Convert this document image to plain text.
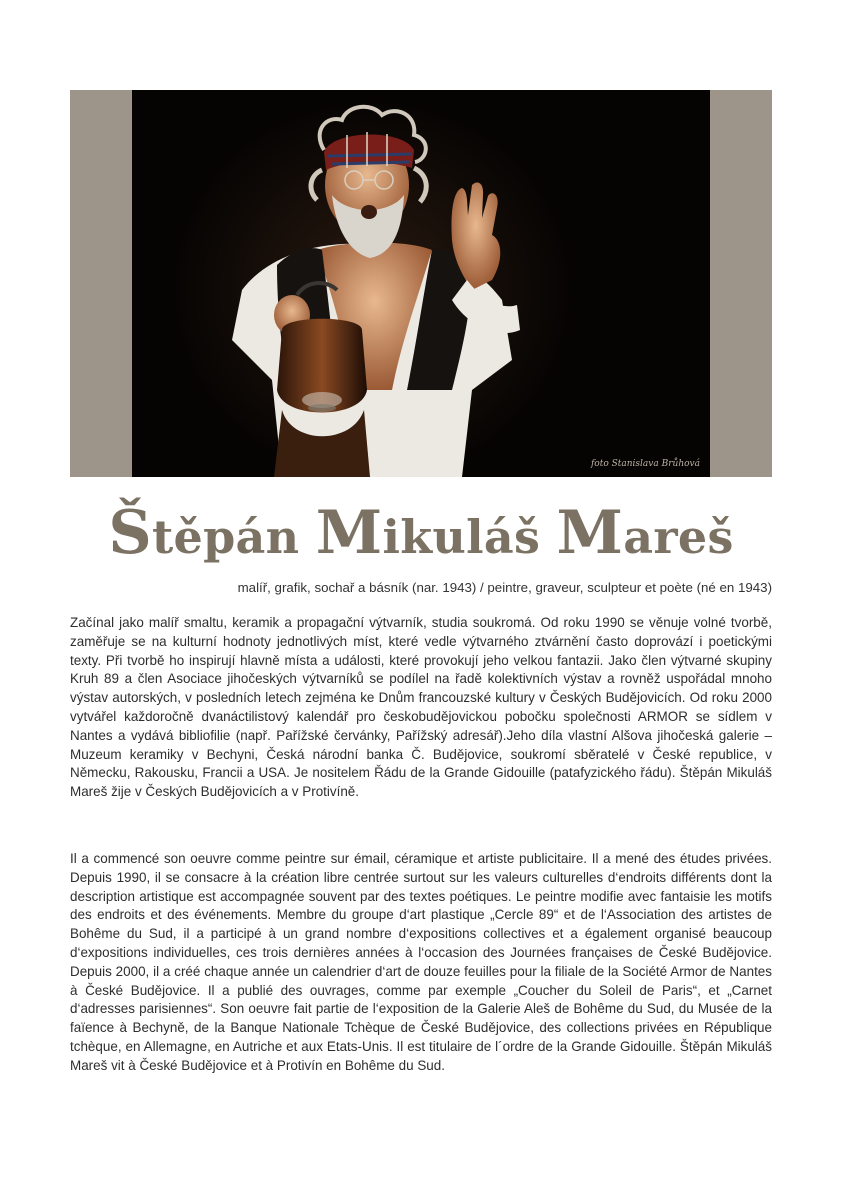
foto Stanislava Brůhová
Štěpán Mikuláš Mareš
malíř, grafik, sochař a básník (nar. 1943) / peintre, graveur, sculpteur et poète (né en 1943)

Začínal jako malíř smaltu, keramik a propagační výtvarník, studia soukromá. Od roku 1990 se věnuje volné tvorbě, zaměřuje se na kulturní hodnoty jednotlivých míst, které vedle výtvarného ztvárnění často doprovází i poetickými texty. Při tvorbě ho inspirují hlavně místa a události, které provokují jeho velkou fantazii. Jako člen výtvarné skupiny Kruh 89 a člen Asociace jihočeských výtvarníků se podílel na řadě kolektivních výstav a rovněž uspořádal mnoho výstav autorských, v posledních letech zejména ke Dnům francouzské kultury v Českých Budějovicích. Od roku 2000 vytvářel každoročně dvanáctilistový kalendář pro českobudějovickou pobočku společnosti ARMOR se sídlem v Nantes a vydává bibliofilie (např. Pařížské červánky, Pařížský adresář).Jeho díla vlastní Alšova jihočeská galerie – Muzeum keramiky v Bechyni, Česká národní banka Č. Budějovice, soukromí sběratelé v České republice, v Německu, Rakousku, Francii a USA. Je nositelem Řádu de la Grande Gidouille (patafyzického řádu). Štěpán Mikuláš Mareš žije v Českých Budějovicích a v Protivíně.

Il a commencé son oeuvre comme peintre sur émail, céramique et artiste publicitaire. Il a mené des études privées. Depuis 1990, il se consacre à la création libre centrée surtout sur les valeurs culturelles d‘endroits différents dont la description artistique est accompagnée souvent par des textes poétiques. Le peintre modifie avec fantaisie les motifs des endroits et des événements. Membre du groupe d‘art plastique „Cercle 89“ et de l‘Association des artistes de Bohême du Sud, il a participé à un grand nombre d‘expositions collectives et a également organisé beaucoup d‘expositions individuelles, ces trois dernières années à l‘occasion des Journées françaises de České Budějovice. Depuis 2000, il a créé chaque année un calendrier d‘art de douze feuilles pour la filiale de la Société Armor de Nantes à České Budějovice. Il a publié des ouvrages, comme par exemple „Coucher du Soleil de Paris“, et „Carnet d‘adresses parisiennes“. Son oeuvre fait partie de l‘exposition de la Galerie Aleš de Bohême du Sud, du Musée de la faïence à Bechyně, de la Banque Nationale Tchèque de České Budějovice, des collections privées en République tchèque, en Allemagne, en Autriche et aux Etats-Unis. Il est titulaire de l´ordre de la Grande Gidouille. Štěpán Mikuláš Mareš vit à České Budějovice et à Protivín en Bohême du Sud.
